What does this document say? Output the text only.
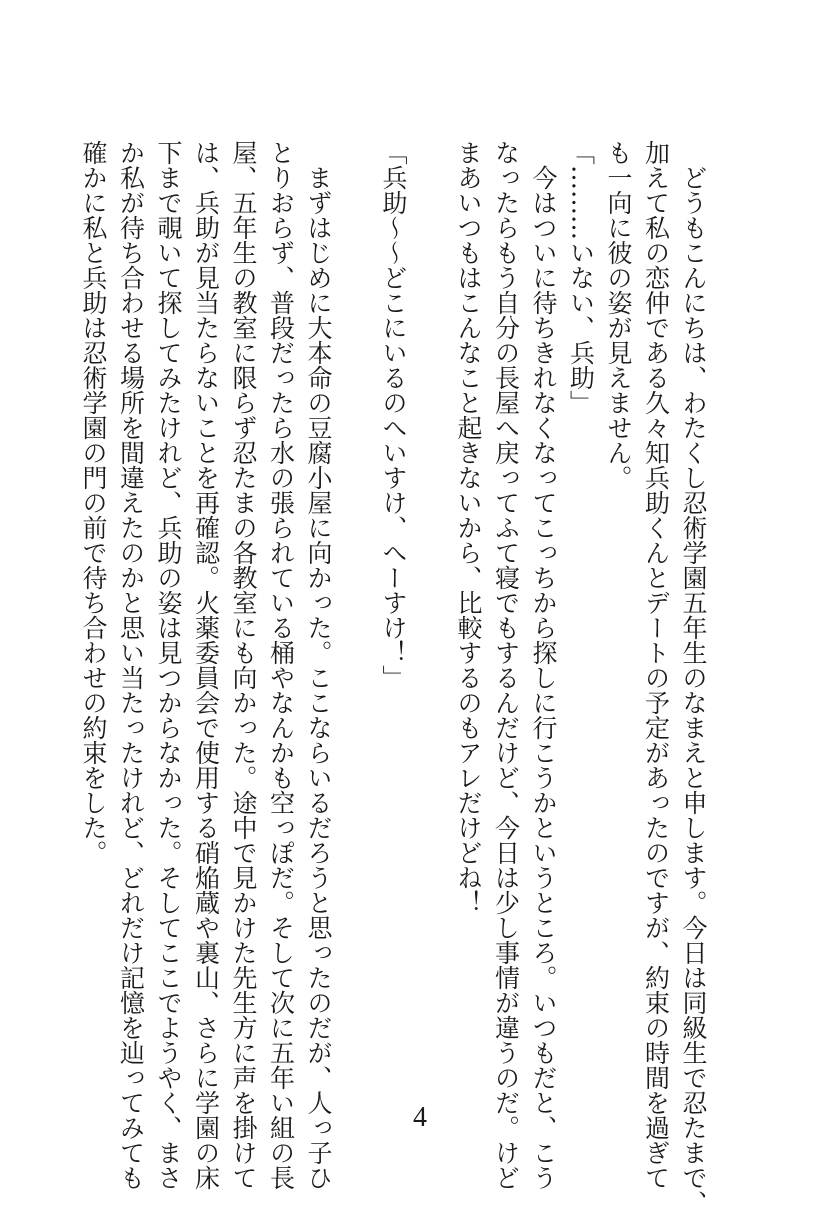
どうもこんにちは、わたくし忍術学園五年生のなまえと申します。今日は同級生で忍たまで、
加えて私の恋仲である久々知兵助くんとデートの予定があったのですが、約束の時間を過ぎて
も一向に彼の姿が見えません。
「………いない、兵助」
今はついに待ちきれなくなってこっちから探しに行こうかというところ。いつもだと、こう
なったらもう自分の長屋へ戻ってふて寝でもするんだけど、今日は少し事情が違うのだ。けど
まあいつもはこんなこと起きないから、比較するのもアレだけどね！

「兵助〜〜どこにいるのへいすけ、へーすけ！」

まずはじめに大本命の豆腐小屋に向かった。ここならいるだろうと思ったのだが、人っ子ひ
とりおらず、普段だったら水の張られている桶やなんかも空っぽだ。そして次に五年い組の長
屋、五年生の教室に限らず忍たまの各教室にも向かった。途中で見かけた先生方に声を掛けて
は、兵助が見当たらないことを再確認。火薬委員会で使用する硝焔蔵や裏山、さらに学園の床
下まで覗いて探してみたけれど、兵助の姿は見つからなかった。そしてここでようやく、まさ
か私が待ち合わせる場所を間違えたのかと思い当たったけれど、どれだけ記憶を辿ってみても
確かに私と兵助は忍術学園の門の前で待ち合わせの約束をした。
4
